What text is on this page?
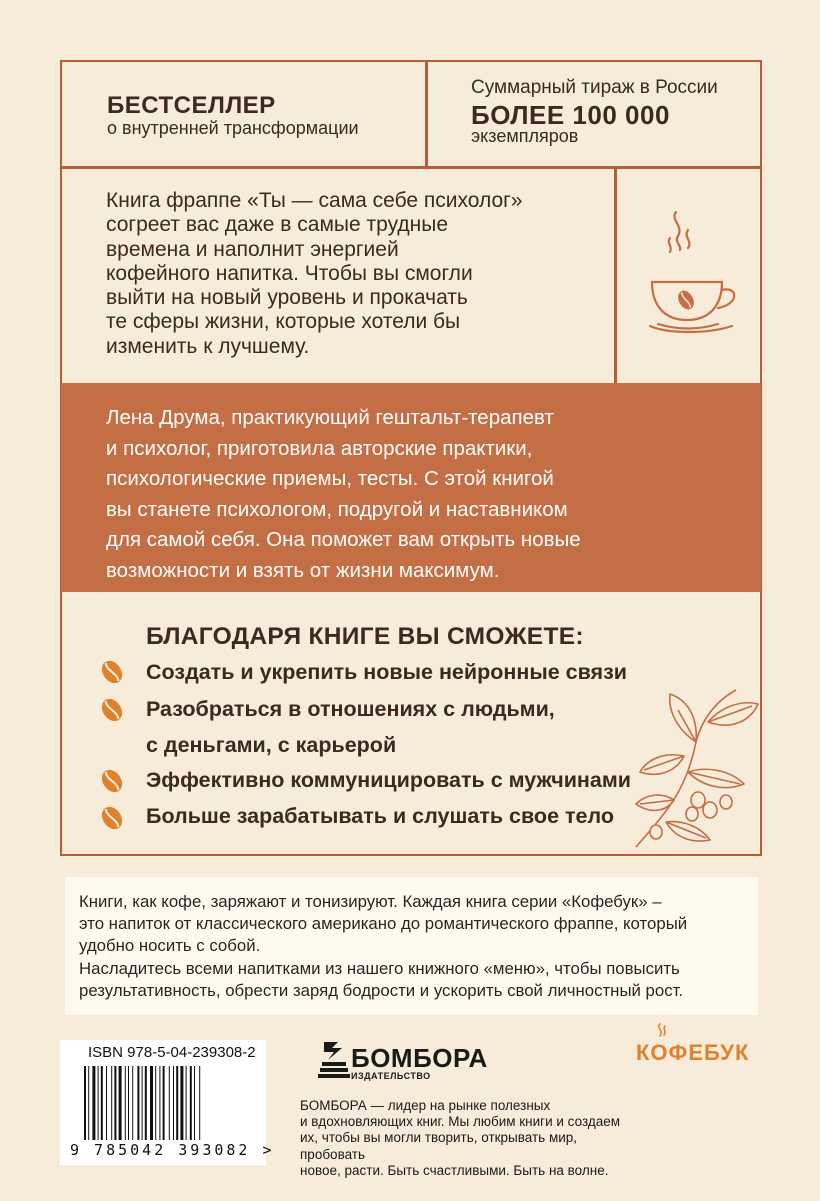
БЕСТСЕЛЛЕР
о внутренней трансформации
Суммарный тираж в России
БОЛЕЕ 100 000
экземпляров
Книга фраппе «Ты — сама себе психолог»
согреет вас даже в самые трудные
времена и наполнит энергией
кофейного напитка. Чтобы вы смогли
выйти на новый уровень и прокачать
те сферы жизни, которые хотели бы
изменить к лучшему.
Лена Друма, практикующий гештальт-терапевт
и психолог, приготовила авторские практики,
психологические приемы, тесты. С этой книгой
вы станете психологом, подругой и наставником
для самой себя. Она поможет вам открыть новые
возможности и взять от жизни максимум.
БЛАГОДАРЯ КНИГЕ ВЫ СМОЖЕТЕ:
Создать и укрепить новые нейронные связи
Разобраться в отношениях с людьми,
с деньгами, с карьерой
Эффективно коммуницировать с мужчинами
Больше зарабатывать и слушать свое тело
Книги, как кофе, заряжают и тонизируют. Каждая книга серии «Кофебук» –
это напиток от классического американо до романтического фраппе, который
удобно носить с собой.
Насладитесь всеми напитками из нашего книжного «меню», чтобы повысить
результативность, обрести заряд бодрости и ускорить свой личностный рост.
ISBN 978-5-04-239308-2
9 785042 393082 >
БОМБОРА
ИЗДАТЕЛЬСТВО
БОМБОРА — лидер на рынке полезных
и вдохновляющих книг. Мы любим книги и создаем
их, чтобы вы могли творить, открывать мир, пробовать
новое, расти. Быть счастливыми. Быть на волне.
КОФЕБУК
